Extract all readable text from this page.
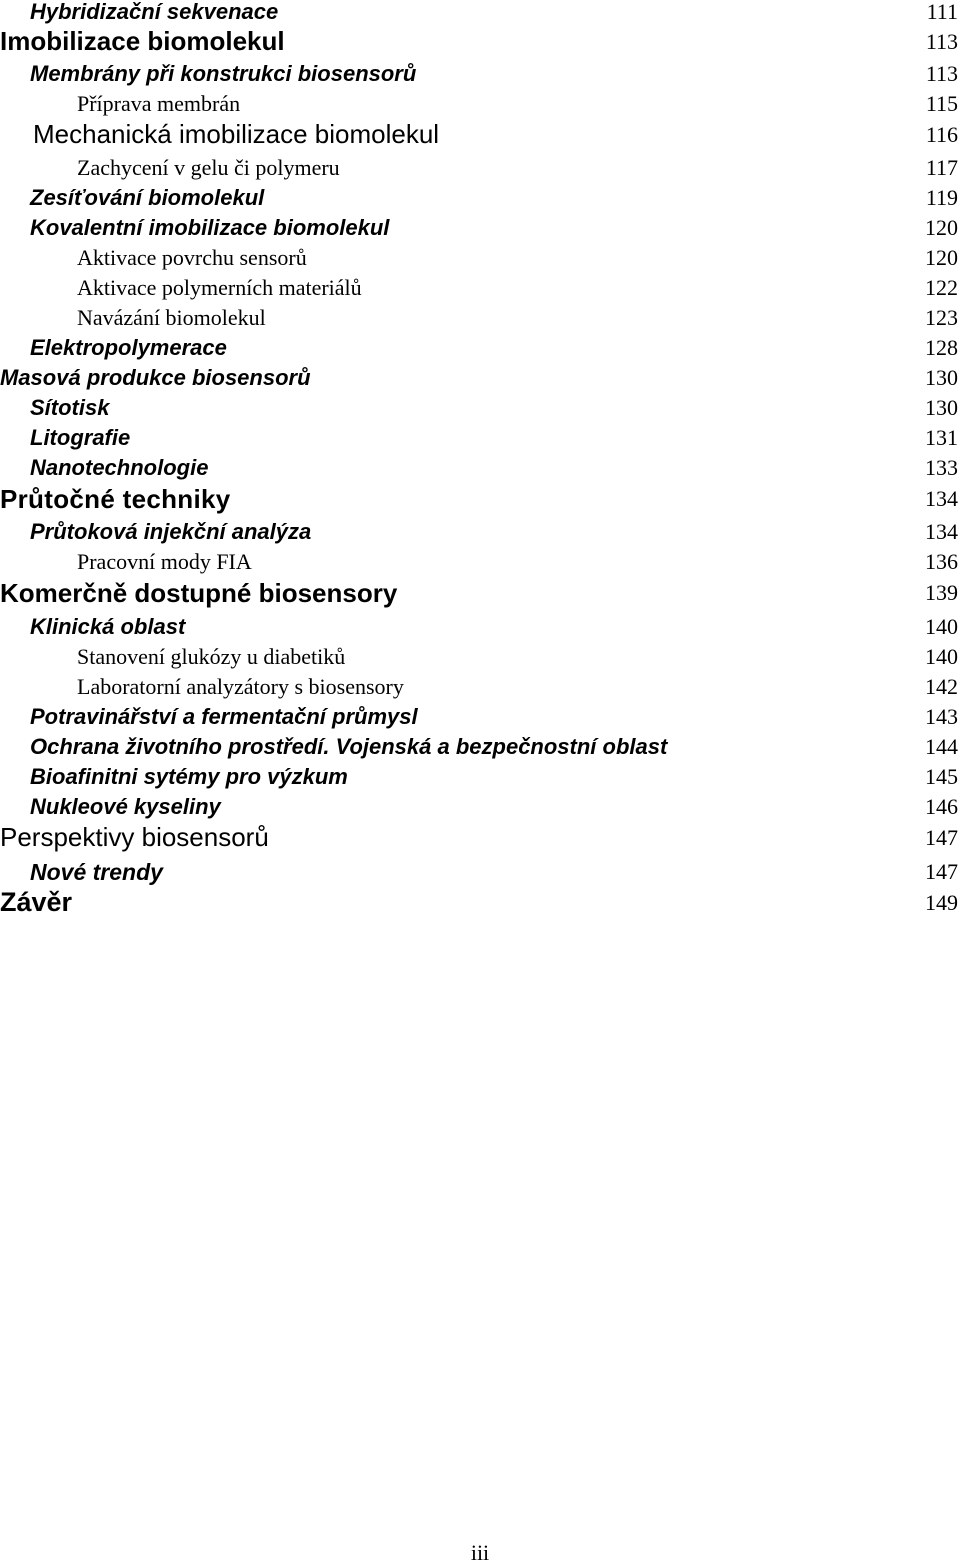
Hybridizační sekvenace	111
Imobilizace biomolekul	113
Membrány při konstrukci biosensorů	113
Příprava membrán	115
Mechanická imobilizace biomolekul	116
Zachycení v gelu či polymeru	117
Zesíťování biomolekul	119
Kovalentní imobilizace biomolekul	120
Aktivace povrchu sensorů	120
Aktivace polymerních materiálů	122
Navázání biomolekul	123
Elektropolymerace	128
Masová produkce biosensorů	130
Sítotisk	130
Litografie	131
Nanotechnologie	133
Průtočné techniky	134
Průtoková injekční analýza	134
Pracovní mody FIA	136
Komerčně dostupné biosensory	139
Klinická oblast	140
Stanovení glukózy u diabetiků	140
Laboratorní analyzátory s biosensory	142
Potravinářství a fermentační průmysl	143
Ochrana životního prostředí. Vojenská a bezpečnostní oblast	144
Bioafinitni sytémy pro výzkum	145
Nukleové kyseliny	146
Perspektivy biosensorů	147
Nové trendy	147
Závěr	149
iii
